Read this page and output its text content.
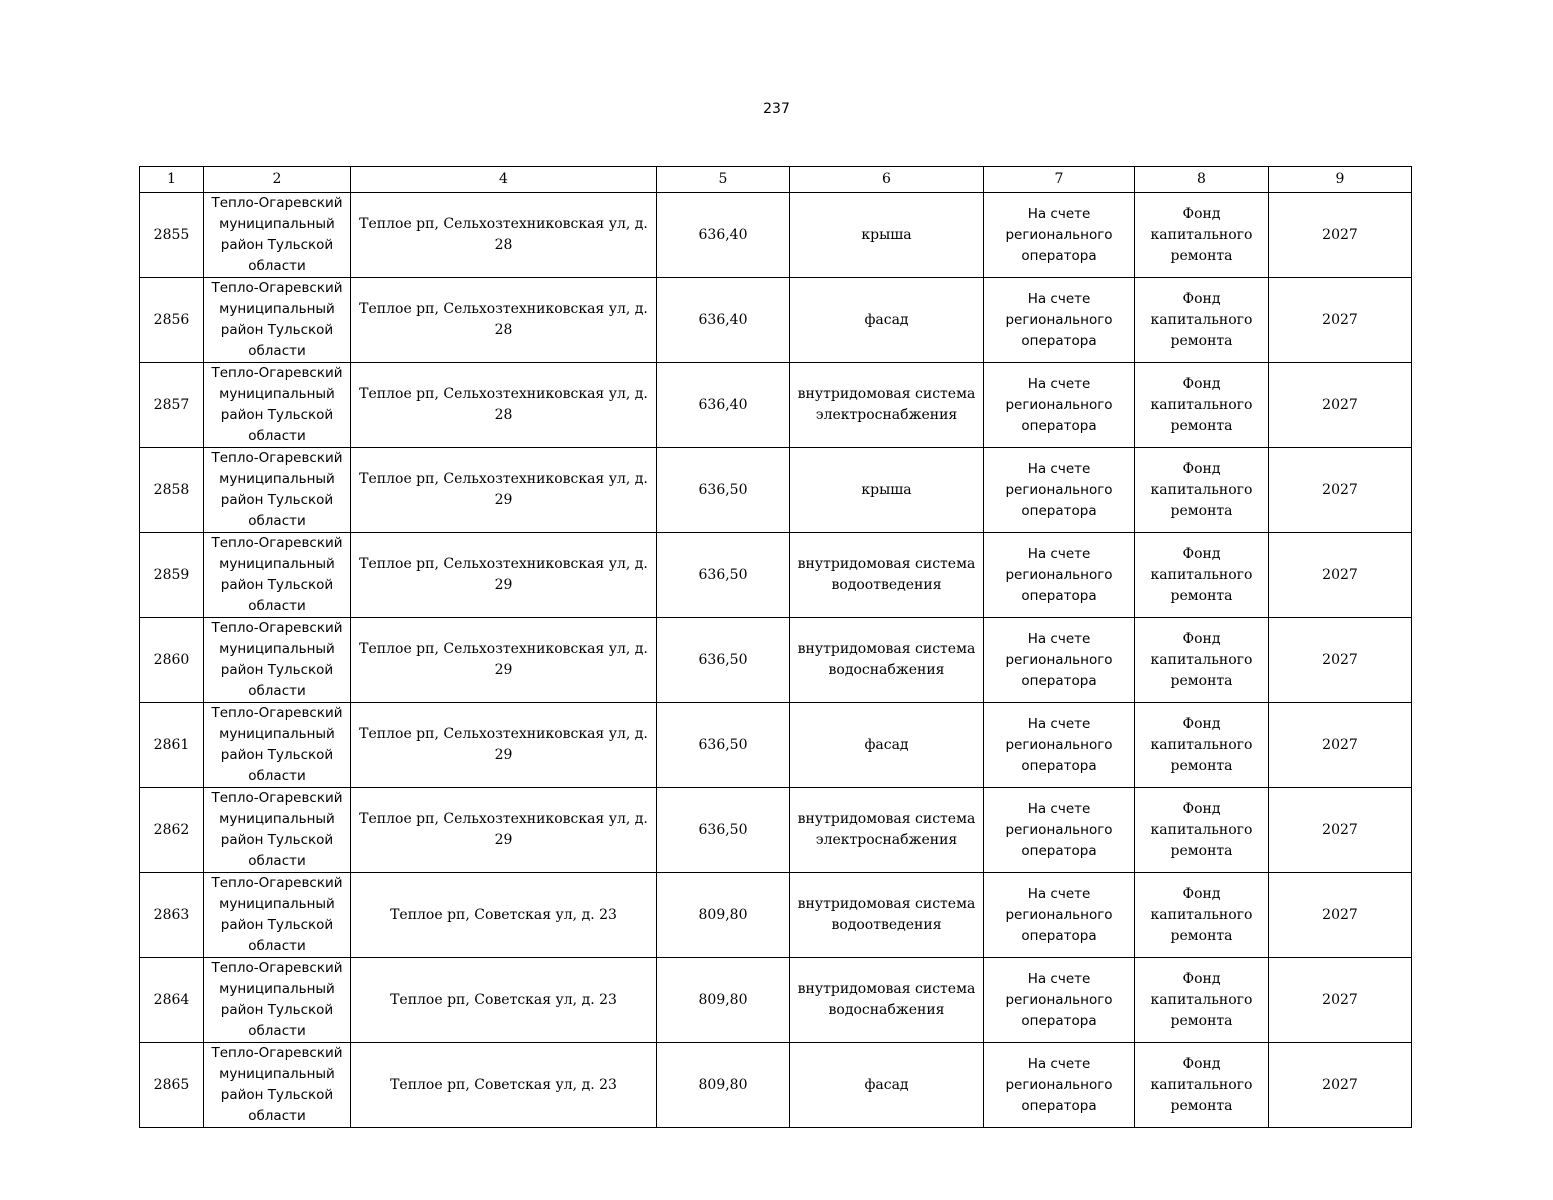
237
1	2	4	5	6	7	8	9
2855	Тепло-Огаревский муниципальный район Тульской области	Теплое рп, Сельхозтехниковская ул, д. 28	636,40	крыша	На счете регионального оператора	Фонд капитального ремонта	2027
2856	Тепло-Огаревский муниципальный район Тульской области	Теплое рп, Сельхозтехниковская ул, д. 28	636,40	фасад	На счете регионального оператора	Фонд капитального ремонта	2027
2857	Тепло-Огаревский муниципальный район Тульской области	Теплое рп, Сельхозтехниковская ул, д. 28	636,40	внутридомовая система электроснабжения	На счете регионального оператора	Фонд капитального ремонта	2027
2858	Тепло-Огаревский муниципальный район Тульской области	Теплое рп, Сельхозтехниковская ул, д. 29	636,50	крыша	На счете регионального оператора	Фонд капитального ремонта	2027
2859	Тепло-Огаревский муниципальный район Тульской области	Теплое рп, Сельхозтехниковская ул, д. 29	636,50	внутридомовая система водоотведения	На счете регионального оператора	Фонд капитального ремонта	2027
2860	Тепло-Огаревский муниципальный район Тульской области	Теплое рп, Сельхозтехниковская ул, д. 29	636,50	внутридомовая система водоснабжения	На счете регионального оператора	Фонд капитального ремонта	2027
2861	Тепло-Огаревский муниципальный район Тульской области	Теплое рп, Сельхозтехниковская ул, д. 29	636,50	фасад	На счете регионального оператора	Фонд капитального ремонта	2027
2862	Тепло-Огаревский муниципальный район Тульской области	Теплое рп, Сельхозтехниковская ул, д. 29	636,50	внутридомовая система электроснабжения	На счете регионального оператора	Фонд капитального ремонта	2027
2863	Тепло-Огаревский муниципальный район Тульской области	Теплое рп, Советская ул, д. 23	809,80	внутридомовая система водоотведения	На счете регионального оператора	Фонд капитального ремонта	2027
2864	Тепло-Огаревский муниципальный район Тульской области	Теплое рп, Советская ул, д. 23	809,80	внутридомовая система водоснабжения	На счете регионального оператора	Фонд капитального ремонта	2027
2865	Тепло-Огаревский муниципальный район Тульской области	Теплое рп, Советская ул, д. 23	809,80	фасад	На счете регионального оператора	Фонд капитального ремонта	2027
